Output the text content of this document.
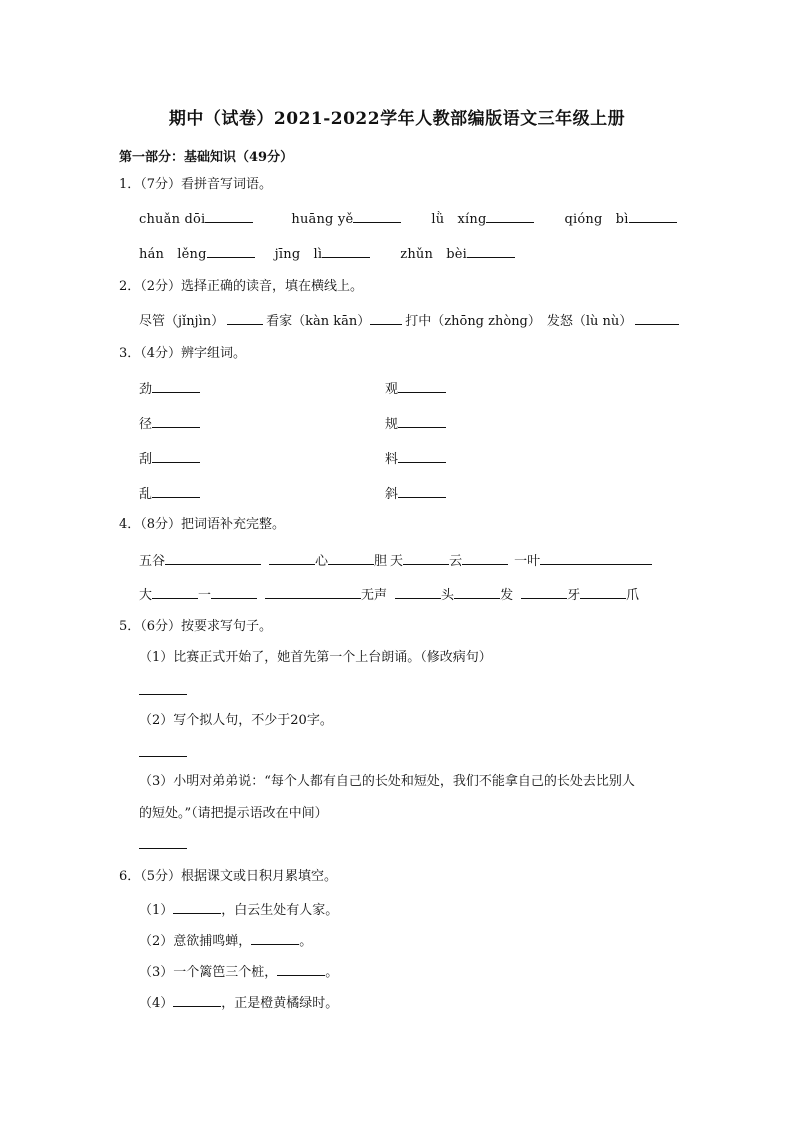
期中（试卷）2021-2022学年人教部编版语文三年级上册
第一部分：基础知识（49分）
1．（7分）看拼音写词语。
chuǎn dōi	huāng yě	lǜ　xíng	qióng　bì
hán　lěng	jīng　lì	zhǔn　bèi
2．（2分）选择正确的读音，填在横线上。
尽管（jǐnjìn）	看家（kàn kān）	打中（zhōng zhòng） 发怒（lù nù）
3．（4分）辨字组词。
劲	观
径	规
刮	料
乱	斜
4．（8分）把词语补充完整。
五谷	心	胆 天	云	一叶
大	一	无声	头	发	牙	爪
5．（6分）按要求写句子。
（1）比赛正式开始了，她首先第一个上台朗诵。（修改病句）
（2）写个拟人句，不少于20字。
（3）小明对弟弟说：“每个人都有自己的长处和短处，我们不能拿自己的长处去比别人
的短处。”（请把提示语改在中间）
6．（5分）根据课文或日积月累填空。
（1）	，白云生处有人家。
（2）意欲捕鸣蝉，	。
（3）一个篱笆三个桩，	。
（4）	，正是橙黄橘绿时。
